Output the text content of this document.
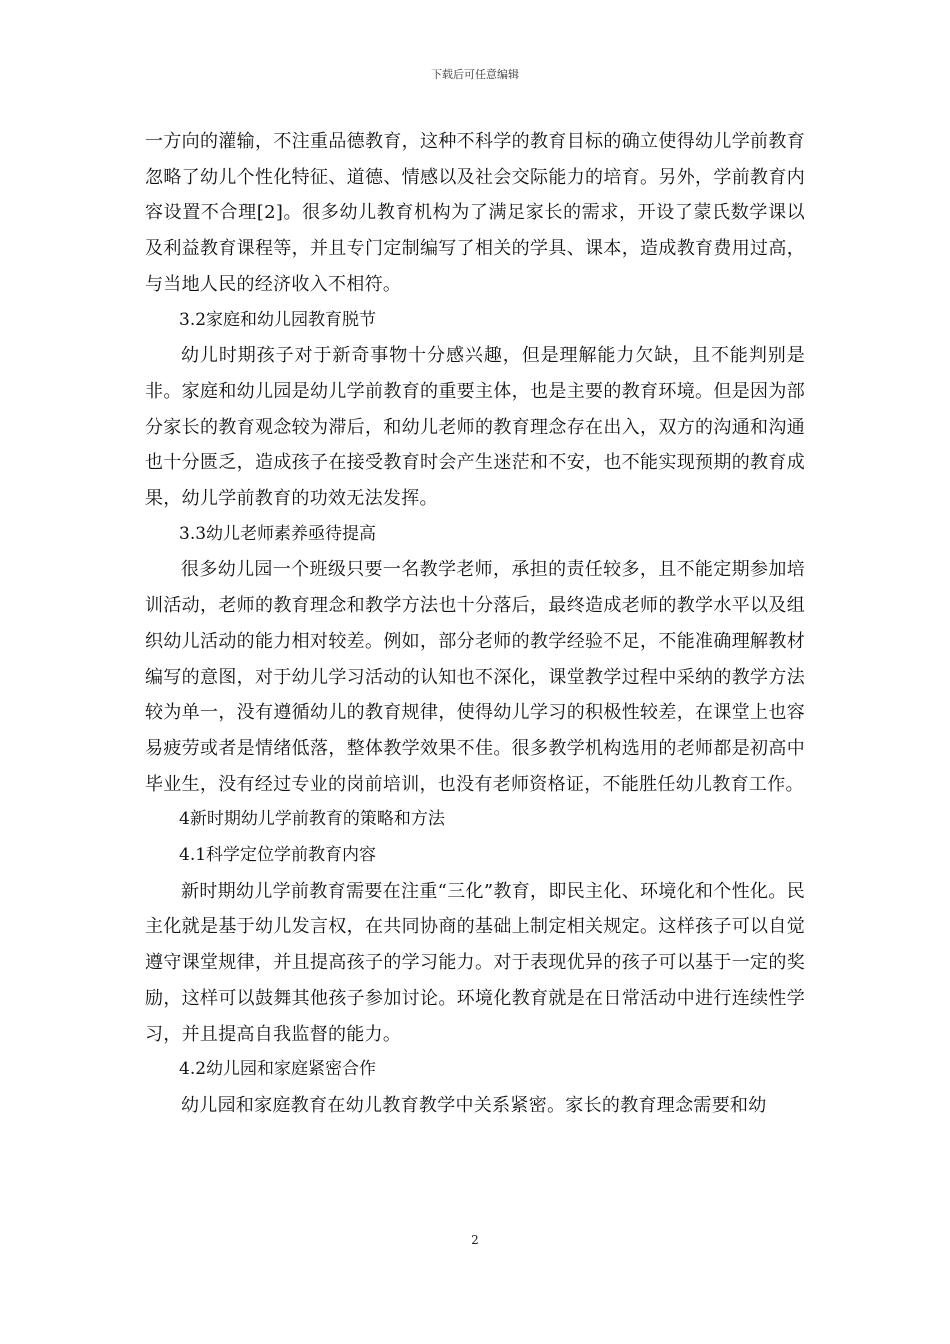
下载后可任意编辑

一方向的灌输，不注重品德教育，这种不科学的教育目标的确立使得幼儿学前教育忽略了幼儿个性化特征、道德、情感以及社会交际能力的培育。另外，学前教育内容设置不合理[2]。很多幼儿教育机构为了满足家长的需求，开设了蒙氏数学课以及利益教育课程等，并且专门定制编写了相关的学具、课本，造成教育费用过高，与当地人民的经济收入不相符。

3.2家庭和幼儿园教育脱节

幼儿时期孩子对于新奇事物十分感兴趣，但是理解能力欠缺，且不能判别是非。家庭和幼儿园是幼儿学前教育的重要主体，也是主要的教育环境。但是因为部分家长的教育观念较为滞后，和幼儿老师的教育理念存在出入，双方的沟通和沟通也十分匮乏，造成孩子在接受教育时会产生迷茫和不安，也不能实现预期的教育成果，幼儿学前教育的功效无法发挥。

3.3幼儿老师素养亟待提高

很多幼儿园一个班级只要一名教学老师，承担的责任较多，且不能定期参加培训活动，老师的教育理念和教学方法也十分落后，最终造成老师的教学水平以及组织幼儿活动的能力相对较差。例如，部分老师的教学经验不足，不能准确理解教材编写的意图，对于幼儿学习活动的认知也不深化，课堂教学过程中采纳的教学方法较为单一，没有遵循幼儿的教育规律，使得幼儿学习的积极性较差，在课堂上也容易疲劳或者是情绪低落，整体教学效果不佳。很多教学机构选用的老师都是初高中毕业生，没有经过专业的岗前培训，也没有老师资格证，不能胜任幼儿教育工作。

4新时期幼儿学前教育的策略和方法

4.1科学定位学前教育内容

新时期幼儿学前教育需要在注重“三化”教育，即民主化、环境化和个性化。民主化就是基于幼儿发言权，在共同协商的基础上制定相关规定。这样孩子可以自觉遵守课堂规律，并且提高孩子的学习能力。对于表现优异的孩子可以基于一定的奖励，这样可以鼓舞其他孩子参加讨论。环境化教育就是在日常活动中进行连续性学习，并且提高自我监督的能力。

4.2幼儿园和家庭紧密合作

幼儿园和家庭教育在幼儿教育教学中关系紧密。家长的教育理念需要和幼

2
